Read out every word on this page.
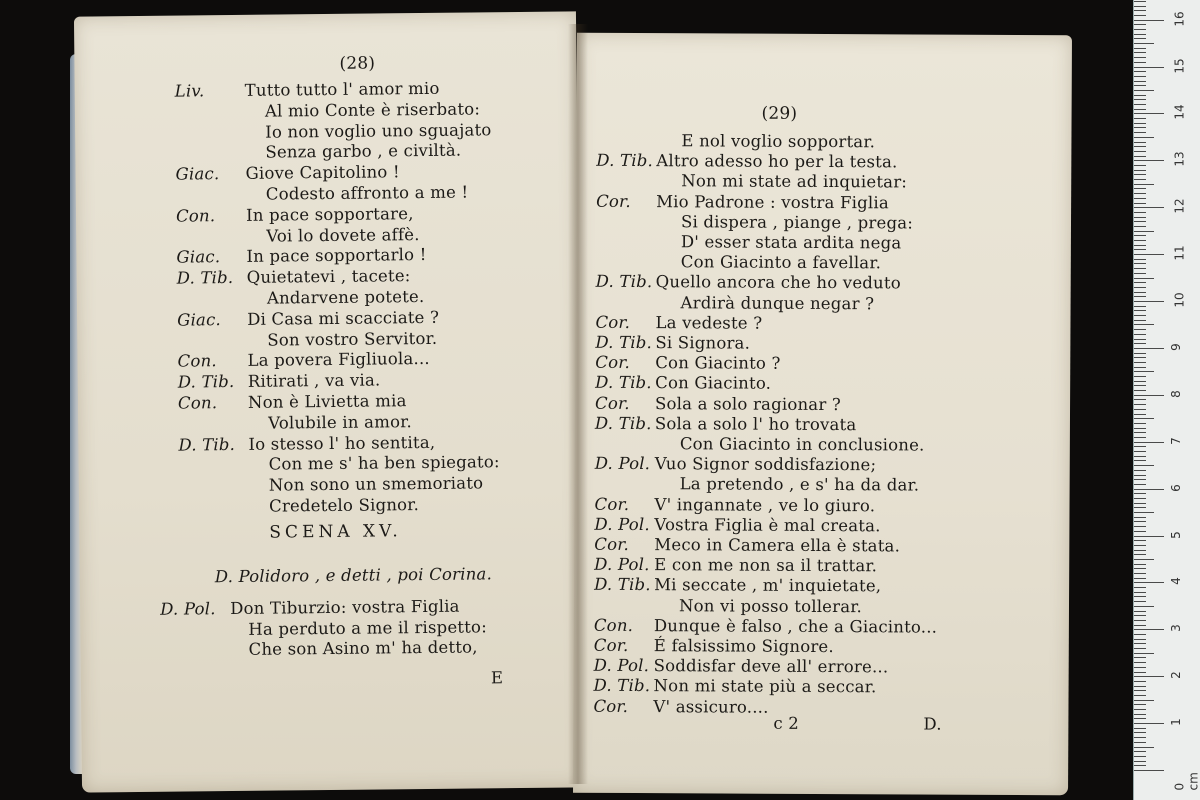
(28)
Liv. Tutto tutto l' amor mio
Al mio Conte è riserbato:
Io non voglio uno sguajato
Senza garbo , e civiltà.
Giac. Giove Capitolino !
Codesto affronto a me !
Con. In pace sopportare,
Voi lo dovete affè.
Giac. In pace sopportarlo !
D. Tib. Quietatevi , tacete:
Andarvene potete.
Giac. Di Casa mi scacciate ?
Son vostro Servitor.
Con. La povera Figliuola...
D. Tib. Ritirati , va via.
Con. Non è Livietta mia
Volubile in amor.
D. Tib. Io stesso l' ho sentita,
Con me s' ha ben spiegato:
Non sono un smemoriato
Credetelo Signor.
SCENA XV.
D. Polidoro , e detti , poi Corina.
D. Pol. Don Tiburzio: vostra Figlia
Ha perduto a me il rispetto:
Che son Asino m' ha detto,
E
(29)
E nol voglio sopportar.
D. Tib. Altro adesso ho per la testa.
Non mi state ad inquietar:
Cor. Mio Padrone : vostra Figlia
Si dispera , piange , prega:
D' esser stata ardita nega
Con Giacinto a favellar.
D. Tib. Quello ancora che ho veduto
Ardirà dunque negar ?
Cor. La vedeste ?
D. Tib. Si Signora.
Cor. Con Giacinto ?
D. Tib. Con Giacinto.
Cor. Sola a solo ragionar ?
D. Tib. Sola a solo l' ho trovata
Con Giacinto in conclusione.
D. Pol. Vuo Signor soddisfazione;
La pretendo , e s' ha da dar.
Cor. V' ingannate , ve lo giuro.
D. Pol. Vostra Figlia è mal creata.
Cor. Meco in Camera ella è stata.
D. Pol. E con me non sa il trattar.
D. Tib. Mi seccate , m' inquietate,
Non vi posso tollerar.
Con. Dunque è falso , che a Giacinto...
Cor. É falsissimo Signore.
D. Pol. Soddisfar deve all' errore...
D. Tib. Non mi state più a seccar.
Cor. V' assicuro....
c 2	D.
0 cm
1
2
3
4
5
6
7
8
9
10
11
12
13
14
15
16
